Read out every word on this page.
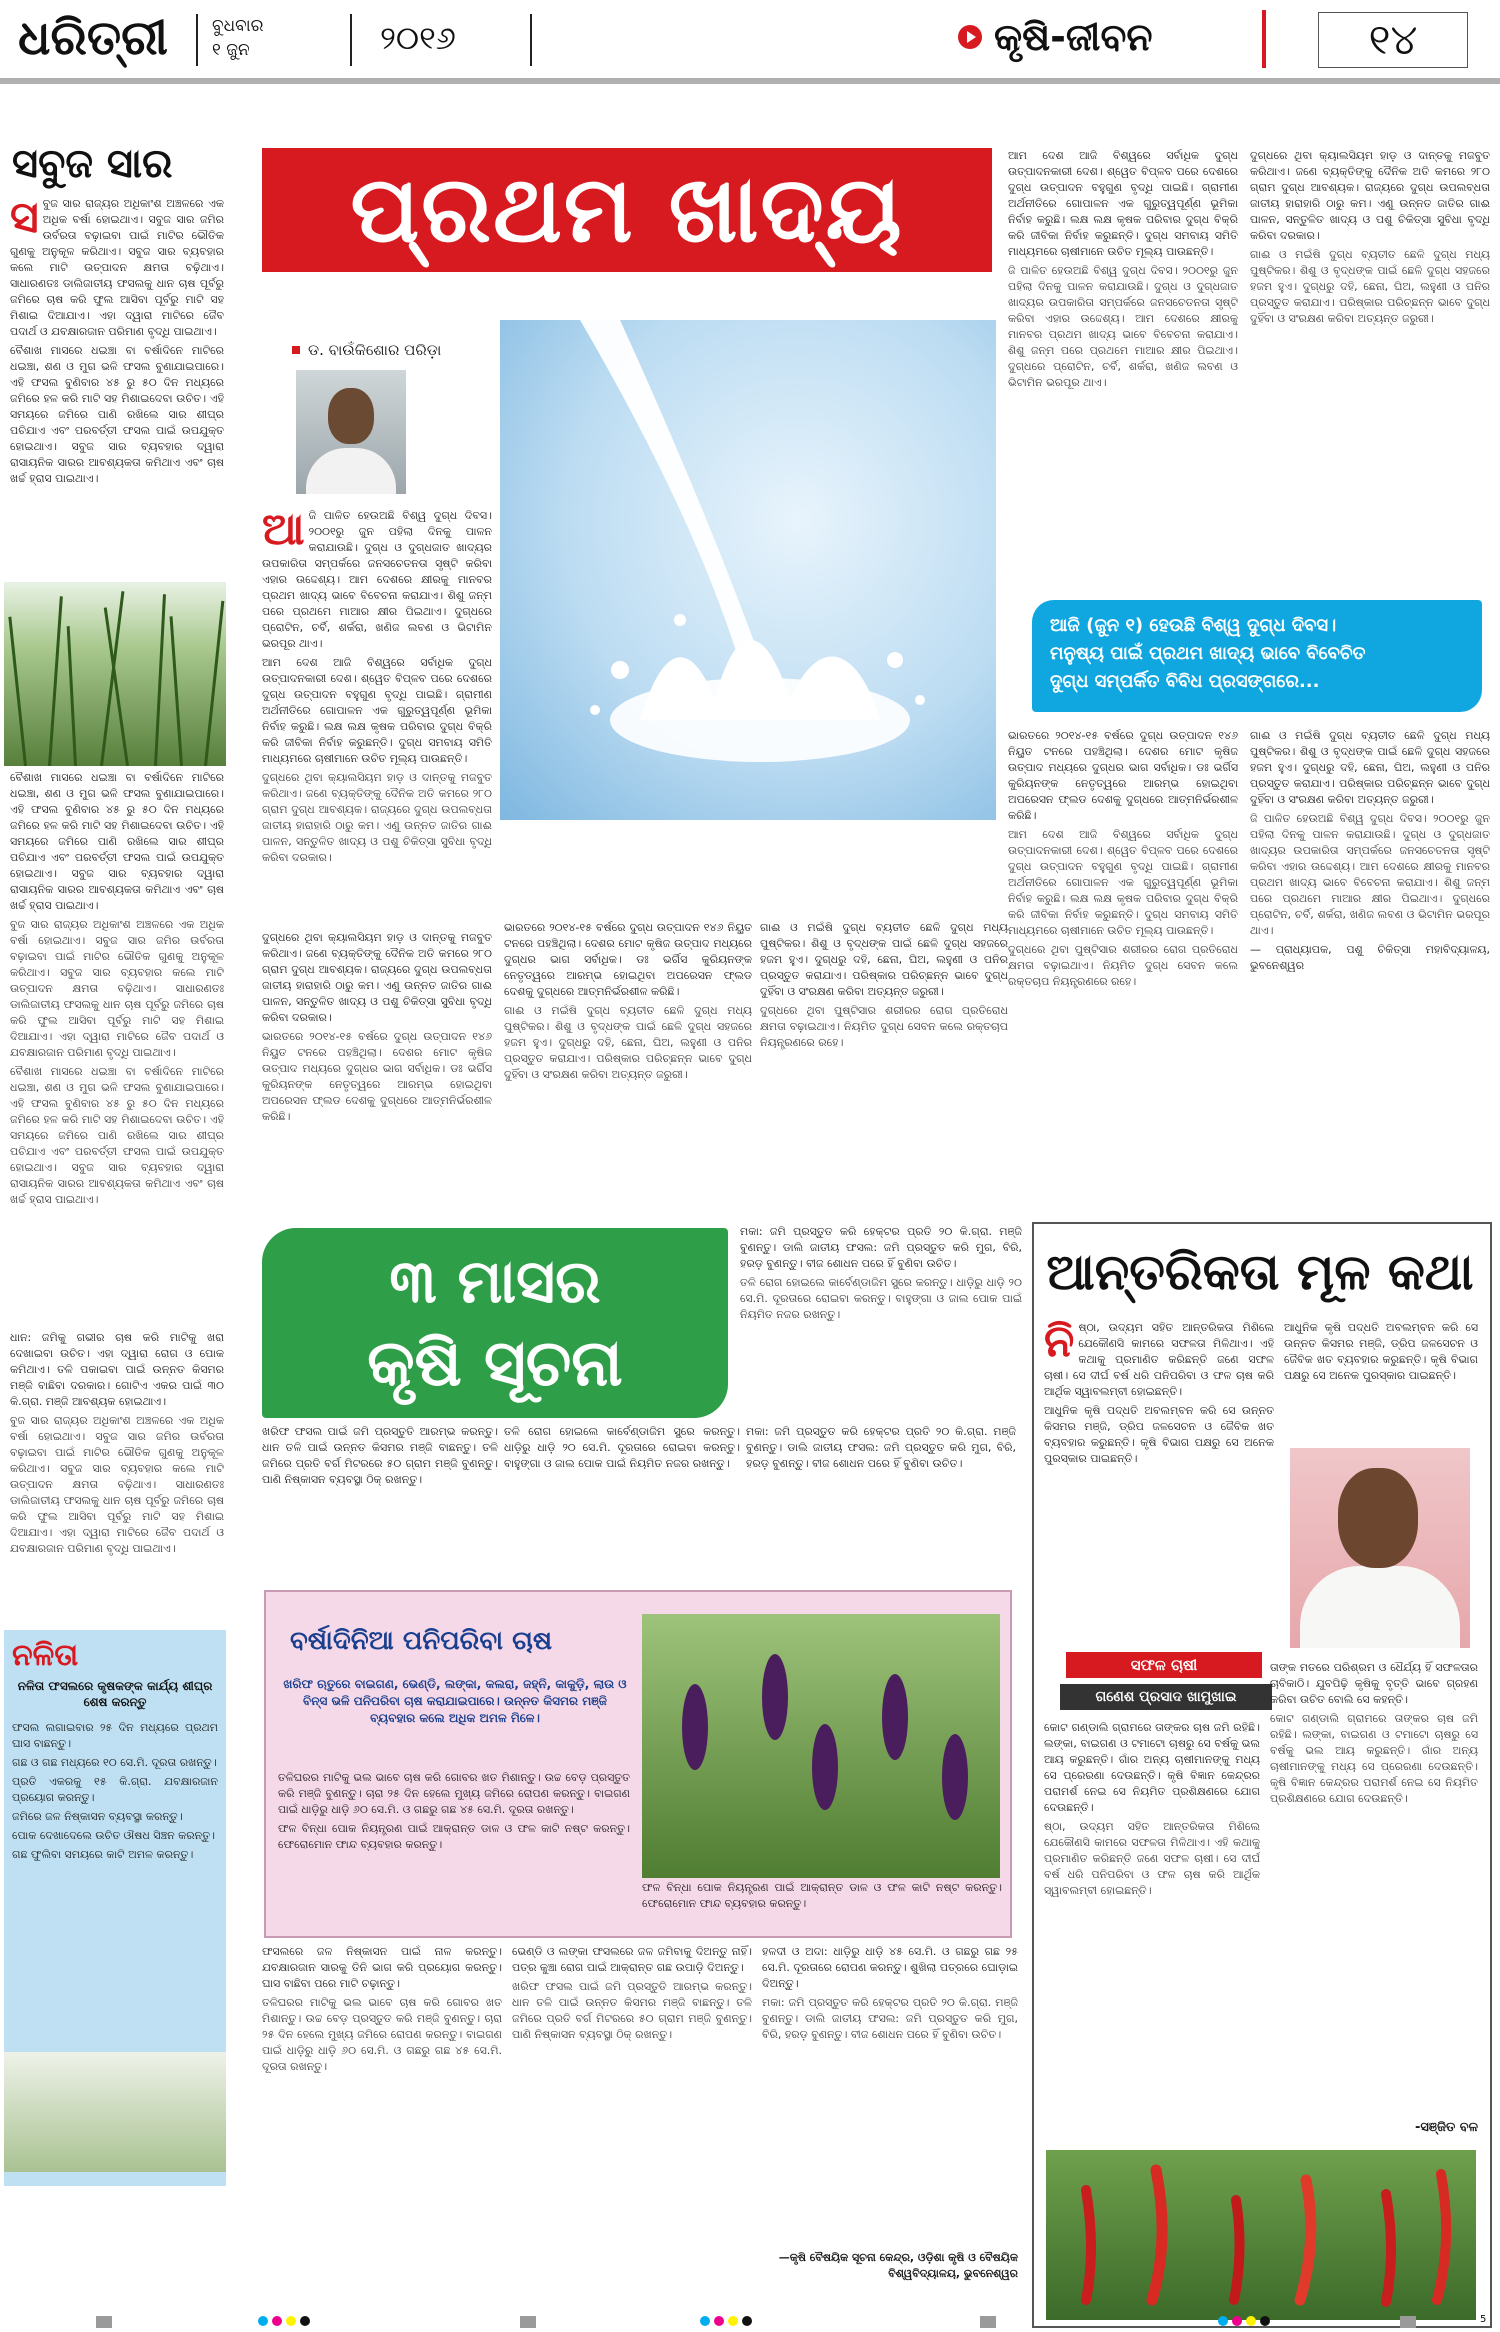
ଧରିତ୍ରୀ	ବୁଧବାର
୧ ଜୁନ	୨୦୧୬	କୃଷି-ଜୀବନ	୧୪
ସବୁଜ ସାର
ସ ବୁଜ ସାର ରାଜ୍ୟର ଅଧିକାଂଶ ଅଞ୍ଚଳରେ ଏକ ଅଧିକ ବର୍ଷା ହୋଇଥାଏ। ସବୁଜ ସାର ଜମିର ଉର୍ବରତା ବଢ଼ାଇବା ପାଇଁ ମାଟିର ଭୌତିକ ଗୁଣକୁ ଅନୁକୂଳ କରିଥାଏ। ସବୁଜ ସାର ବ୍ୟବହାର କଲେ ମାଟି ଉତ୍ପାଦନ କ୍ଷମତା ବଢ଼ିଥାଏ। ସାଧାରଣତଃ ଡାଲିଜାତୀୟ ଫସଲକୁ ଧାନ ଚାଷ ପୂର୍ବରୁ ଜମିରେ ଚାଷ କରି ଫୁଲ ଆସିବା ପୂର୍ବରୁ ମାଟି ସହ ମିଶାଇ ଦିଆଯାଏ। ଏହା ଦ୍ୱାରା ମାଟିରେ ଜୈବ ପଦାର୍ଥ ଓ ଯବକ୍ଷାରଜାନ ପରିମାଣ ବୃଦ୍ଧି ପାଇଥାଏ।

ବୈଶାଖ ମାସରେ ଧଇଞ୍ଚା ବା ବର୍ଷାଦିନେ ମାଟିରେ ଧଇଞ୍ଚା, ଶଣ ଓ ମୁଗ ଭଳି ଫସଲ ବୁଣାଯାଇପାରେ। ଏହି ଫସଲ ବୁଣିବାର ୪୫ ରୁ ୫୦ ଦିନ ମଧ୍ୟରେ ଜମିରେ ହଳ କରି ମାଟି ସହ ମିଶାଇଦେବା ଉଚିତ। ଏହି ସମୟରେ ଜମିରେ ପାଣି ରଖିଲେ ସାର ଶୀଘ୍ର ପଚିଯାଏ ଏବଂ ପରବର୍ତ୍ତୀ ଫସଲ ପାଇଁ ଉପଯୁକ୍ତ ହୋଇଥାଏ। ସବୁଜ ସାର ବ୍ୟବହାର ଦ୍ୱାରା ରାସାୟନିକ ସାରର ଆବଶ୍ୟକତା କମିଥାଏ ଏବଂ ଚାଷ ଖର୍ଚ୍ଚ ହ୍ରାସ ପାଇଥାଏ।

ବୈଶାଖ ମାସରେ ଧଇଞ୍ଚା ବା ବର୍ଷାଦିନେ ମାଟିରେ ଧଇଞ୍ଚା, ଶଣ ଓ ମୁଗ ଭଳି ଫସଲ ବୁଣାଯାଇପାରେ। ଏହି ଫସଲ ବୁଣିବାର ୪୫ ରୁ ୫୦ ଦିନ ମଧ୍ୟରେ ଜମିରେ ହଳ କରି ମାଟି ସହ ମିଶାଇଦେବା ଉଚିତ। ଏହି ସମୟରେ ଜମିରେ ପାଣି ରଖିଲେ ସାର ଶୀଘ୍ର ପଚିଯାଏ ଏବଂ ପରବର୍ତ୍ତୀ ଫସଲ ପାଇଁ ଉପଯୁକ୍ତ ହୋଇଥାଏ। ସବୁଜ ସାର ବ୍ୟବହାର ଦ୍ୱାରା ରାସାୟନିକ ସାରର ଆବଶ୍ୟକତା କମିଥାଏ ଏବଂ ଚାଷ ଖର୍ଚ୍ଚ ହ୍ରାସ ପାଇଥାଏ।

ବୁଜ ସାର ରାଜ୍ୟର ଅଧିକାଂଶ ଅଞ୍ଚଳରେ ଏକ ଅଧିକ ବର୍ଷା ହୋଇଥାଏ। ସବୁଜ ସାର ଜମିର ଉର୍ବରତା ବଢ଼ାଇବା ପାଇଁ ମାଟିର ଭୌତିକ ଗୁଣକୁ ଅନୁକୂଳ କରିଥାଏ। ସବୁଜ ସାର ବ୍ୟବହାର କଲେ ମାଟି ଉତ୍ପାଦନ କ୍ଷମତା ବଢ଼ିଥାଏ। ସାଧାରଣତଃ ଡାଲିଜାତୀୟ ଫସଲକୁ ଧାନ ଚାଷ ପୂର୍ବରୁ ଜମିରେ ଚାଷ କରି ଫୁଲ ଆସିବା ପୂର୍ବରୁ ମାଟି ସହ ମିଶାଇ ଦିଆଯାଏ। ଏହା ଦ୍ୱାରା ମାଟିରେ ଜୈବ ପଦାର୍ଥ ଓ ଯବକ୍ଷାରଜାନ ପରିମାଣ ବୃଦ୍ଧି ପାଇଥାଏ।

ବୈଶାଖ ମାସରେ ଧଇଞ୍ଚା ବା ବର୍ଷାଦିନେ ମାଟିରେ ଧଇଞ୍ଚା, ଶଣ ଓ ମୁଗ ଭଳି ଫସଲ ବୁଣାଯାଇପାରେ। ଏହି ଫସଲ ବୁଣିବାର ୪୫ ରୁ ୫୦ ଦିନ ମଧ୍ୟରେ ଜମିରେ ହଳ କରି ମାଟି ସହ ମିଶାଇଦେବା ଉଚିତ। ଏହି ସମୟରେ ଜମିରେ ପାଣି ରଖିଲେ ସାର ଶୀଘ୍ର ପଚିଯାଏ ଏବଂ ପରବର୍ତ୍ତୀ ଫସଲ ପାଇଁ ଉପଯୁକ୍ତ ହୋଇଥାଏ। ସବୁଜ ସାର ବ୍ୟବହାର ଦ୍ୱାରା ରାସାୟନିକ ସାରର ଆବଶ୍ୟକତା କମିଥାଏ ଏବଂ ଚାଷ ଖର୍ଚ୍ଚ ହ୍ରାସ ପାଇଥାଏ।

ଧାନ: ଜମିକୁ ଗଭୀର ଚାଷ କରି ମାଟିକୁ ଖରା ଦେଖାଇବା ଉଚିତ। ଏହା ଦ୍ୱାରା ରୋଗ ଓ ପୋକ କମିଥାଏ। ତଳି ପକାଇବା ପାଇଁ ଉନ୍ନତ କିସମର ମଞ୍ଜି ବାଛିବା ଦରକାର। ଗୋଟିଏ ଏକର ପାଇଁ ୩୦ କି.ଗ୍ରା. ମଞ୍ଜି ଆବଶ୍ୟକ ହୋଇଥାଏ।

ବୁଜ ସାର ରାଜ୍ୟର ଅଧିକାଂଶ ଅଞ୍ଚଳରେ ଏକ ଅଧିକ ବର୍ଷା ହୋଇଥାଏ। ସବୁଜ ସାର ଜମିର ଉର୍ବରତା ବଢ଼ାଇବା ପାଇଁ ମାଟିର ଭୌତିକ ଗୁଣକୁ ଅନୁକୂଳ କରିଥାଏ। ସବୁଜ ସାର ବ୍ୟବହାର କଲେ ମାଟି ଉତ୍ପାଦନ କ୍ଷମତା ବଢ଼ିଥାଏ। ସାଧାରଣତଃ ଡାଲିଜାତୀୟ ଫସଲକୁ ଧାନ ଚାଷ ପୂର୍ବରୁ ଜମିରେ ଚାଷ କରି ଫୁଲ ଆସିବା ପୂର୍ବରୁ ମାଟି ସହ ମିଶାଇ ଦିଆଯାଏ। ଏହା ଦ୍ୱାରା ମାଟିରେ ଜୈବ ପଦାର୍ଥ ଓ ଯବକ୍ଷାରଜାନ ପରିମାଣ ବୃଦ୍ଧି ପାଇଥାଏ।

ପ୍ରଥମ ଖାଦ୍ୟ
ଡ. ବାଉଁକିଶୋର ପରିଡ଼ା
ଆ ଜି ପାଳିତ ହେଉଅଛି ବିଶ୍ୱ ଦୁଗ୍ଧ ଦିବସ। ୨୦୦୧ରୁ ଜୁନ ପହିଲା ଦିନକୁ ପାଳନ କରାଯାଉଛି। ଦୁଗ୍ଧ ଓ ଦୁଗ୍ଧଜାତ ଖାଦ୍ୟର ଉପକାରିତା ସମ୍ପର୍କରେ ଜନସଚେତନତା ସୃଷ୍ଟି କରିବା ଏହାର ଉଦ୍ଦେଶ୍ୟ। ଆମ ଦେଶରେ କ୍ଷୀରକୁ ମାନବର ପ୍ରଥମ ଖାଦ୍ୟ ଭାବେ ବିବେଚନା କରାଯାଏ। ଶିଶୁ ଜନ୍ମ ପରେ ପ୍ରଥମେ ମାଆର କ୍ଷୀର ପିଇଥାଏ। ଦୁଗ୍ଧରେ ପ୍ରୋଟିନ, ଚର୍ବି, ଶର୍କରା, ଖଣିଜ ଲବଣ ଓ ଭିଟାମିନ ଭରପୂର ଥାଏ।

ଆମ ଦେଶ ଆଜି ବିଶ୍ୱରେ ସର୍ବାଧିକ ଦୁଗ୍ଧ ଉତ୍ପାଦନକାରୀ ଦେଶ। ଶ୍ୱେତ ବିପ୍ଳବ ପରେ ଦେଶରେ ଦୁଗ୍ଧ ଉତ୍ପାଦନ ବହୁଗୁଣ ବୃଦ୍ଧି ପାଇଛି। ଗ୍ରାମୀଣ ଅର୍ଥନୀତିରେ ଗୋପାଳନ ଏକ ଗୁରୁତ୍ୱପୂର୍ଣ୍ଣ ଭୂମିକା ନିର୍ବାହ କରୁଛି। ଲକ୍ଷ ଲକ୍ଷ କୃଷକ ପରିବାର ଦୁଗ୍ଧ ବିକ୍ରି କରି ଜୀବିକା ନିର୍ବାହ କରୁଛନ୍ତି। ଦୁଗ୍ଧ ସମବାୟ ସମିତି ମାଧ୍ୟମରେ ଚାଷୀମାନେ ଉଚିତ ମୂଲ୍ୟ ପାଉଛନ୍ତି।

ଦୁଗ୍ଧରେ ଥିବା କ୍ୟାଲସିୟମ ହାଡ଼ ଓ ଦାନ୍ତକୁ ମଜବୁତ କରିଥାଏ। ଜଣେ ବ୍ୟକ୍ତିଙ୍କୁ ଦୈନିକ ଅତି କମରେ ୨୮୦ ଗ୍ରାମ ଦୁଗ୍ଧ ଆବଶ୍ୟକ। ରାଜ୍ୟରେ ଦୁଗ୍ଧ ଉପଲବ୍ଧତା ଜାତୀୟ ହାରାହାରି ଠାରୁ କମ। ଏଣୁ ଉନ୍ନତ ଜାତିର ଗାଈ ପାଳନ, ସନ୍ତୁଳିତ ଖାଦ୍ୟ ଓ ପଶୁ ଚିକିତ୍ସା ସୁବିଧା ବୃଦ୍ଧି କରିବା ଦରକାର।

ଦୁଗ୍ଧରେ ଥିବା କ୍ୟାଲସିୟମ ହାଡ଼ ଓ ଦାନ୍ତକୁ ମଜବୁତ କରିଥାଏ। ଜଣେ ବ୍ୟକ୍ତିଙ୍କୁ ଦୈନିକ ଅତି କମରେ ୨୮୦ ଗ୍ରାମ ଦୁଗ୍ଧ ଆବଶ୍ୟକ। ରାଜ୍ୟରେ ଦୁଗ୍ଧ ଉପଲବ୍ଧତା ଜାତୀୟ ହାରାହାରି ଠାରୁ କମ। ଏଣୁ ଉନ୍ନତ ଜାତିର ଗାଈ ପାଳନ, ସନ୍ତୁଳିତ ଖାଦ୍ୟ ଓ ପଶୁ ଚିକିତ୍ସା ସୁବିଧା ବୃଦ୍ଧି କରିବା ଦରକାର।

ଭାରତରେ ୨୦୧୪-୧୫ ବର୍ଷରେ ଦୁଗ୍ଧ ଉତ୍ପାଦନ ୧୪୬ ନିୟୁତ ଟନରେ ପହଞ୍ଚିଥିଲା। ଦେଶର ମୋଟ କୃଷିଜ ଉତ୍ପାଦ ମଧ୍ୟରେ ଦୁଗ୍ଧର ଭାଗ ସର୍ବାଧିକ। ଡଃ ଭର୍ଗିସ କୁରିୟନଙ୍କ ନେତୃତ୍ୱରେ ଆରମ୍ଭ ହୋଇଥିବା ଅପରେସନ ଫ୍ଲଡ ଦେଶକୁ ଦୁଗ୍ଧରେ ଆତ୍ମନିର୍ଭରଶୀଳ କରିଛି।

ଭାରତରେ ୨୦୧୪-୧୫ ବର୍ଷରେ ଦୁଗ୍ଧ ଉତ୍ପାଦନ ୧୪୬ ନିୟୁତ ଟନରେ ପହଞ୍ଚିଥିଲା। ଦେଶର ମୋଟ କୃଷିଜ ଉତ୍ପାଦ ମଧ୍ୟରେ ଦୁଗ୍ଧର ଭାଗ ସର୍ବାଧିକ। ଡଃ ଭର୍ଗିସ କୁରିୟନଙ୍କ ନେତୃତ୍ୱରେ ଆରମ୍ଭ ହୋଇଥିବା ଅପରେସନ ଫ୍ଲଡ ଦେଶକୁ ଦୁଗ୍ଧରେ ଆତ୍ମନିର୍ଭରଶୀଳ କରିଛି।

ଗାଈ ଓ ମଇଁଷି ଦୁଗ୍ଧ ବ୍ୟତୀତ ଛେଳି ଦୁଗ୍ଧ ମଧ୍ୟ ପୁଷ୍ଟିକର। ଶିଶୁ ଓ ବୃଦ୍ଧଙ୍କ ପାଇଁ ଛେଳି ଦୁଗ୍ଧ ସହଜରେ ହଜମ ହୁଏ। ଦୁଗ୍ଧରୁ ଦହି, ଛେନା, ଘିଅ, ଲହୁଣୀ ଓ ପନିର ପ୍ରସ୍ତୁତ କରାଯାଏ। ପରିଷ୍କାର ପରିଚ୍ଛନ୍ନ ଭାବେ ଦୁଗ୍ଧ ଦୁହିଁବା ଓ ସଂରକ୍ଷଣ କରିବା ଅତ୍ୟନ୍ତ ଜରୁରୀ।

ଗାଈ ଓ ମଇଁଷି ଦୁଗ୍ଧ ବ୍ୟତୀତ ଛେଳି ଦୁଗ୍ଧ ମଧ୍ୟ ପୁଷ୍ଟିକର। ଶିଶୁ ଓ ବୃଦ୍ଧଙ୍କ ପାଇଁ ଛେଳି ଦୁଗ୍ଧ ସହଜରେ ହଜମ ହୁଏ। ଦୁଗ୍ଧରୁ ଦହି, ଛେନା, ଘିଅ, ଲହୁଣୀ ଓ ପନିର ପ୍ରସ୍ତୁତ କରାଯାଏ। ପରିଷ୍କାର ପରିଚ୍ଛନ୍ନ ଭାବେ ଦୁଗ୍ଧ ଦୁହିଁବା ଓ ସଂରକ୍ଷଣ କରିବା ଅତ୍ୟନ୍ତ ଜରୁରୀ।

ଦୁଗ୍ଧରେ ଥିବା ପୁଷ୍ଟିସାର ଶରୀରର ରୋଗ ପ୍ରତିରୋଧ କ୍ଷମତା ବଢ଼ାଇଥାଏ। ନିୟମିତ ଦୁଗ୍ଧ ସେବନ କଲେ ରକ୍ତଚାପ ନିୟନ୍ତ୍ରଣରେ ରହେ।

ଆମ ଦେଶ ଆଜି ବିଶ୍ୱରେ ସର୍ବାଧିକ ଦୁଗ୍ଧ ଉତ୍ପାଦନକାରୀ ଦେଶ। ଶ୍ୱେତ ବିପ୍ଳବ ପରେ ଦେଶରେ ଦୁଗ୍ଧ ଉତ୍ପାଦନ ବହୁଗୁଣ ବୃଦ୍ଧି ପାଇଛି। ଗ୍ରାମୀଣ ଅର୍ଥନୀତିରେ ଗୋପାଳନ ଏକ ଗୁରୁତ୍ୱପୂର୍ଣ୍ଣ ଭୂମିକା ନିର୍ବାହ କରୁଛି। ଲକ୍ଷ ଲକ୍ଷ କୃଷକ ପରିବାର ଦୁଗ୍ଧ ବିକ୍ରି କରି ଜୀବିକା ନିର୍ବାହ କରୁଛନ୍ତି। ଦୁଗ୍ଧ ସମବାୟ ସମିତି ମାଧ୍ୟମରେ ଚାଷୀମାନେ ଉଚିତ ମୂଲ୍ୟ ପାଉଛନ୍ତି।

ଜି ପାଳିତ ହେଉଅଛି ବିଶ୍ୱ ଦୁଗ୍ଧ ଦିବସ। ୨୦୦୧ରୁ ଜୁନ ପହିଲା ଦିନକୁ ପାଳନ କରାଯାଉଛି। ଦୁଗ୍ଧ ଓ ଦୁଗ୍ଧଜାତ ଖାଦ୍ୟର ଉପକାରିତା ସମ୍ପର୍କରେ ଜନସଚେତନତା ସୃଷ୍ଟି କରିବା ଏହାର ଉଦ୍ଦେଶ୍ୟ। ଆମ ଦେଶରେ କ୍ଷୀରକୁ ମାନବର ପ୍ରଥମ ଖାଦ୍ୟ ଭାବେ ବିବେଚନା କରାଯାଏ। ଶିଶୁ ଜନ୍ମ ପରେ ପ୍ରଥମେ ମାଆର କ୍ଷୀର ପିଇଥାଏ। ଦୁଗ୍ଧରେ ପ୍ରୋଟିନ, ଚର୍ବି, ଶର୍କରା, ଖଣିଜ ଲବଣ ଓ ଭିଟାମିନ ଭରପୂର ଥାଏ।

ଦୁଗ୍ଧରେ ଥିବା କ୍ୟାଲସିୟମ ହାଡ଼ ଓ ଦାନ୍ତକୁ ମଜବୁତ କରିଥାଏ। ଜଣେ ବ୍ୟକ୍ତିଙ୍କୁ ଦୈନିକ ଅତି କମରେ ୨୮୦ ଗ୍ରାମ ଦୁଗ୍ଧ ଆବଶ୍ୟକ। ରାଜ୍ୟରେ ଦୁଗ୍ଧ ଉପଲବ୍ଧତା ଜାତୀୟ ହାରାହାରି ଠାରୁ କମ। ଏଣୁ ଉନ୍ନତ ଜାତିର ଗାଈ ପାଳନ, ସନ୍ତୁଳିତ ଖାଦ୍ୟ ଓ ପଶୁ ଚିକିତ୍ସା ସୁବିଧା ବୃଦ୍ଧି କରିବା ଦରକାର।

ଗାଈ ଓ ମଇଁଷି ଦୁଗ୍ଧ ବ୍ୟତୀତ ଛେଳି ଦୁଗ୍ଧ ମଧ୍ୟ ପୁଷ୍ଟିକର। ଶିଶୁ ଓ ବୃଦ୍ଧଙ୍କ ପାଇଁ ଛେଳି ଦୁଗ୍ଧ ସହଜରେ ହଜମ ହୁଏ। ଦୁଗ୍ଧରୁ ଦହି, ଛେନା, ଘିଅ, ଲହୁଣୀ ଓ ପନିର ପ୍ରସ୍ତୁତ କରାଯାଏ। ପରିଷ୍କାର ପରିଚ୍ଛନ୍ନ ଭାବେ ଦୁଗ୍ଧ ଦୁହିଁବା ଓ ସଂରକ୍ଷଣ କରିବା ଅତ୍ୟନ୍ତ ଜରୁରୀ।

ଆଜି (ଜୁନ ୧) ହେଉଛି ବିଶ୍ୱ ଦୁଗ୍ଧ ଦିବସ।
ମନୁଷ୍ୟ ପାଇଁ ପ୍ରଥମ ଖାଦ୍ୟ ଭାବେ ବିବେଚିତ
ଦୁଗ୍ଧ ସମ୍ପର୍କିତ ବିବିଧ ପ୍ରସଙ୍ଗରେ...

ଭାରତରେ ୨୦୧୪-୧୫ ବର୍ଷରେ ଦୁଗ୍ଧ ଉତ୍ପାଦନ ୧୪୬ ନିୟୁତ ଟନରେ ପହଞ୍ଚିଥିଲା। ଦେଶର ମୋଟ କୃଷିଜ ଉତ୍ପାଦ ମଧ୍ୟରେ ଦୁଗ୍ଧର ଭାଗ ସର୍ବାଧିକ। ଡଃ ଭର୍ଗିସ କୁରିୟନଙ୍କ ନେତୃତ୍ୱରେ ଆରମ୍ଭ ହୋଇଥିବା ଅପରେସନ ଫ୍ଲଡ ଦେଶକୁ ଦୁଗ୍ଧରେ ଆତ୍ମନିର୍ଭରଶୀଳ କରିଛି।

ଆମ ଦେଶ ଆଜି ବିଶ୍ୱରେ ସର୍ବାଧିକ ଦୁଗ୍ଧ ଉତ୍ପାଦନକାରୀ ଦେଶ। ଶ୍ୱେତ ବିପ୍ଳବ ପରେ ଦେଶରେ ଦୁଗ୍ଧ ଉତ୍ପାଦନ ବହୁଗୁଣ ବୃଦ୍ଧି ପାଇଛି। ଗ୍ରାମୀଣ ଅର୍ଥନୀତିରେ ଗୋପାଳନ ଏକ ଗୁରୁତ୍ୱପୂର୍ଣ୍ଣ ଭୂମିକା ନିର୍ବାହ କରୁଛି। ଲକ୍ଷ ଲକ୍ଷ କୃଷକ ପରିବାର ଦୁଗ୍ଧ ବିକ୍ରି କରି ଜୀବିକା ନିର୍ବାହ କରୁଛନ୍ତି। ଦୁଗ୍ଧ ସମବାୟ ସମିତି ମାଧ୍ୟମରେ ଚାଷୀମାନେ ଉଚିତ ମୂଲ୍ୟ ପାଉଛନ୍ତି।

ଦୁଗ୍ଧରେ ଥିବା ପୁଷ୍ଟିସାର ଶରୀରର ରୋଗ ପ୍ରତିରୋଧ କ୍ଷମତା ବଢ଼ାଇଥାଏ। ନିୟମିତ ଦୁଗ୍ଧ ସେବନ କଲେ ରକ୍ତଚାପ ନିୟନ୍ତ୍ରଣରେ ରହେ।

ଗାଈ ଓ ମଇଁଷି ଦୁଗ୍ଧ ବ୍ୟତୀତ ଛେଳି ଦୁଗ୍ଧ ମଧ୍ୟ ପୁଷ୍ଟିକର। ଶିଶୁ ଓ ବୃଦ୍ଧଙ୍କ ପାଇଁ ଛେଳି ଦୁଗ୍ଧ ସହଜରେ ହଜମ ହୁଏ। ଦୁଗ୍ଧରୁ ଦହି, ଛେନା, ଘିଅ, ଲହୁଣୀ ଓ ପନିର ପ୍ରସ୍ତୁତ କରାଯାଏ। ପରିଷ୍କାର ପରିଚ୍ଛନ୍ନ ଭାବେ ଦୁଗ୍ଧ ଦୁହିଁବା ଓ ସଂରକ୍ଷଣ କରିବା ଅତ୍ୟନ୍ତ ଜରୁରୀ।

ଜି ପାଳିତ ହେଉଅଛି ବିଶ୍ୱ ଦୁଗ୍ଧ ଦିବସ। ୨୦୦୧ରୁ ଜୁନ ପହିଲା ଦିନକୁ ପାଳନ କରାଯାଉଛି। ଦୁଗ୍ଧ ଓ ଦୁଗ୍ଧଜାତ ଖାଦ୍ୟର ଉପକାରିତା ସମ୍ପର୍କରେ ଜନସଚେତନତା ସୃଷ୍ଟି କରିବା ଏହାର ଉଦ୍ଦେଶ୍ୟ। ଆମ ଦେଶରେ କ୍ଷୀରକୁ ମାନବର ପ୍ରଥମ ଖାଦ୍ୟ ଭାବେ ବିବେଚନା କରାଯାଏ। ଶିଶୁ ଜନ୍ମ ପରେ ପ୍ରଥମେ ମାଆର କ୍ଷୀର ପିଇଥାଏ। ଦୁଗ୍ଧରେ ପ୍ରୋଟିନ, ଚର୍ବି, ଶର୍କରା, ଖଣିଜ ଲବଣ ଓ ଭିଟାମିନ ଭରପୂର ଥାଏ।

— ପ୍ରାଧ୍ୟାପକ, ପଶୁ ଚିକିତ୍ସା ମହାବିଦ୍ୟାଳୟ, ଭୁବନେଶ୍ୱର

୩ ମାସର
କୃଷି ସୂଚନା

ମକା: ଜମି ପ୍ରସ୍ତୁତ କରି ହେକ୍ଟର ପ୍ରତି ୨୦ କି.ଗ୍ରା. ମଞ୍ଜି ବୁଣନ୍ତୁ। ଡାଲି ଜାତୀୟ ଫସଲ: ଜମି ପ୍ରସ୍ତୁତ କରି ମୁଗ, ବିରି, ହରଡ଼ ବୁଣନ୍ତୁ। ବୀଜ ଶୋଧନ ପରେ ହିଁ ବୁଣିବା ଉଚିତ।

ତଳି ରୋଗ ହୋଇଲେ କାର୍ବେଣ୍ଡାଜିମ ସ୍ପ୍ରେ କରନ୍ତୁ। ଧାଡ଼ିରୁ ଧାଡ଼ି ୨୦ ସେ.ମି. ଦୂରତାରେ ରୋଇବା କରନ୍ତୁ। ବାହୁଙ୍ଗା ଓ ଜାଲ ପୋକ ପାଇଁ ନିୟମିତ ନଜର ରଖନ୍ତୁ।

ଖରିଫ ଫସଲ ପାଇଁ ଜମି ପ୍ରସ୍ତୁତି ଆରମ୍ଭ କରନ୍ତୁ। ଧାନ ତଳି ପାଇଁ ଉନ୍ନତ କିସମର ମଞ୍ଜି ବାଛନ୍ତୁ। ତଳି ଜମିରେ ପ୍ରତି ବର୍ଗ ମିଟରରେ ୫୦ ଗ୍ରାମ ମଞ୍ଜି ବୁଣନ୍ତୁ। ପାଣି ନିଷ୍କାସନ ବ୍ୟବସ୍ଥା ଠିକ୍ ରଖନ୍ତୁ।

ତଳି ରୋଗ ହୋଇଲେ କାର୍ବେଣ୍ଡାଜିମ ସ୍ପ୍ରେ କରନ୍ତୁ। ଧାଡ଼ିରୁ ଧାଡ଼ି ୨୦ ସେ.ମି. ଦୂରତାରେ ରୋଇବା କରନ୍ତୁ। ବାହୁଙ୍ଗା ଓ ଜାଲ ପୋକ ପାଇଁ ନିୟମିତ ନଜର ରଖନ୍ତୁ।

ମକା: ଜମି ପ୍ରସ୍ତୁତ କରି ହେକ୍ଟର ପ୍ରତି ୨୦ କି.ଗ୍ରା. ମଞ୍ଜି ବୁଣନ୍ତୁ। ଡାଲି ଜାତୀୟ ଫସଲ: ଜମି ପ୍ରସ୍ତୁତ କରି ମୁଗ, ବିରି, ହରଡ଼ ବୁଣନ୍ତୁ। ବୀଜ ଶୋଧନ ପରେ ହିଁ ବୁଣିବା ଉଚିତ।

ନଳିତା
ନଳିତା ଫସଲରେ କୃଷକଙ୍କ କାର୍ଯ୍ୟ ଶୀଘ୍ର ଶେଷ କରନ୍ତୁ

ଫସଲ ଲଗାଇବାର ୨୫ ଦିନ ମଧ୍ୟରେ ପ୍ରଥମ ଘାସ ବାଛନ୍ତୁ।

ଗଛ ଓ ଗଛ ମଧ୍ୟରେ ୧୦ ସେ.ମି. ଦୂରତା ରଖନ୍ତୁ।

ପ୍ରତି ଏକରକୁ ୧୫ କି.ଗ୍ରା. ଯବକ୍ଷାରଜାନ ପ୍ରୟୋଗ କରନ୍ତୁ।

ଜମିରେ ଜଳ ନିଷ୍କାସନ ବ୍ୟବସ୍ଥା କରନ୍ତୁ।

ପୋକ ଦେଖାଦେଲେ ଉଚିତ ଔଷଧ ସିଞ୍ଚନ କରନ୍ତୁ।

ଗଛ ଫୁଲିବା ସମୟରେ କାଟି ଅମଳ କରନ୍ତୁ।

ବର୍ଷାଦିନିଆ ପନିପରିବା ଚାଷ
ଖରିଫ ଋତୁରେ ବାଇଗଣ, ଭେଣ୍ଡି, ଲଙ୍କା, କଲରା, ଜହ୍ନି, କାକୁଡ଼ି, ଲାଉ ଓ ବିନ୍ସ ଭଳି ପନିପରିବା ଚାଷ କରାଯାଇପାରେ। ଉନ୍ନତ କିସମର ମଞ୍ଜି ବ୍ୟବହାର କଲେ ଅଧିକ ଅମଳ ମିଳେ।

ତଳିଘରର ମାଟିକୁ ଭଲ ଭାବେ ଚାଷ କରି ଗୋବର ଖତ ମିଶାନ୍ତୁ। ଉଚ୍ଚ ବେଡ଼ ପ୍ରସ୍ତୁତ କରି ମଞ୍ଜି ବୁଣନ୍ତୁ। ଚାରା ୨୫ ଦିନ ହେଲେ ମୁଖ୍ୟ ଜମିରେ ରୋପଣ କରନ୍ତୁ। ବାଇଗଣ ପାଇଁ ଧାଡ଼ିରୁ ଧାଡ଼ି ୬୦ ସେ.ମି. ଓ ଗଛରୁ ଗଛ ୪୫ ସେ.ମି. ଦୂରତା ରଖନ୍ତୁ।

ଫଳ ବିନ୍ଧା ପୋକ ନିୟନ୍ତ୍ରଣ ପାଇଁ ଆକ୍ରାନ୍ତ ଡାଳ ଓ ଫଳ କାଟି ନଷ୍ଟ କରନ୍ତୁ। ଫେରୋମୋନ ଫାନ୍ଦ ବ୍ୟବହାର କରନ୍ତୁ।

ଫଳ ବିନ୍ଧା ପୋକ ନିୟନ୍ତ୍ରଣ ପାଇଁ ଆକ୍ରାନ୍ତ ଡାଳ ଓ ଫଳ କାଟି ନଷ୍ଟ କରନ୍ତୁ। ଫେରୋମୋନ ଫାନ୍ଦ ବ୍ୟବହାର କରନ୍ତୁ।

ଫସଲରେ ଜଳ ନିଷ୍କାସନ ପାଇଁ ନାଳ କରନ୍ତୁ। ଯବକ୍ଷାରଜାନ ସାରକୁ ତିନି ଭାଗ କରି ପ୍ରୟୋଗ କରନ୍ତୁ। ଘାସ ବାଛିବା ପରେ ମାଟି ଚଢ଼ାନ୍ତୁ।

ତଳିଘରର ମାଟିକୁ ଭଲ ଭାବେ ଚାଷ କରି ଗୋବର ଖତ ମିଶାନ୍ତୁ। ଉଚ୍ଚ ବେଡ଼ ପ୍ରସ୍ତୁତ କରି ମଞ୍ଜି ବୁଣନ୍ତୁ। ଚାରା ୨୫ ଦିନ ହେଲେ ମୁଖ୍ୟ ଜମିରେ ରୋପଣ କରନ୍ତୁ। ବାଇଗଣ ପାଇଁ ଧାଡ଼ିରୁ ଧାଡ଼ି ୬୦ ସେ.ମି. ଓ ଗଛରୁ ଗଛ ୪୫ ସେ.ମି. ଦୂରତା ରଖନ୍ତୁ।

ଭେଣ୍ଡି ଓ ଲଙ୍କା ଫସଲରେ ଜଳ ଜମିବାକୁ ଦିଅନ୍ତୁ ନାହିଁ। ପତ୍ର କୁଞ୍ଚା ରୋଗ ପାଇଁ ଆକ୍ରାନ୍ତ ଗଛ ଉପାଡ଼ି ଦିଅନ୍ତୁ।

ଖରିଫ ଫସଲ ପାଇଁ ଜମି ପ୍ରସ୍ତୁତି ଆରମ୍ଭ କରନ୍ତୁ। ଧାନ ତଳି ପାଇଁ ଉନ୍ନତ କିସମର ମଞ୍ଜି ବାଛନ୍ତୁ। ତଳି ଜମିରେ ପ୍ରତି ବର୍ଗ ମିଟରରେ ୫୦ ଗ୍ରାମ ମଞ୍ଜି ବୁଣନ୍ତୁ। ପାଣି ନିଷ୍କାସନ ବ୍ୟବସ୍ଥା ଠିକ୍ ରଖନ୍ତୁ।

ହଳଦୀ ଓ ଅଦା: ଧାଡ଼ିରୁ ଧାଡ଼ି ୪୫ ସେ.ମି. ଓ ଗଛରୁ ଗଛ ୨୫ ସେ.ମି. ଦୂରତାରେ ରୋପଣ କରନ୍ତୁ। ଶୁଖିଲା ପତ୍ରରେ ଘୋଡ଼ାଇ ଦିଅନ୍ତୁ।

ମକା: ଜମି ପ୍ରସ୍ତୁତ କରି ହେକ୍ଟର ପ୍ରତି ୨୦ କି.ଗ୍ରା. ମଞ୍ଜି ବୁଣନ୍ତୁ। ଡାଲି ଜାତୀୟ ଫସଲ: ଜମି ପ୍ରସ୍ତୁତ କରି ମୁଗ, ବିରି, ହରଡ଼ ବୁଣନ୍ତୁ। ବୀଜ ଶୋଧନ ପରେ ହିଁ ବୁଣିବା ଉଚିତ।

—କୃଷି ବୈଷୟିକ ସୂଚନା କେନ୍ଦ୍ର, ଓଡ଼ିଶା କୃଷି ଓ ବୈଷୟିକ ବିଶ୍ୱବିଦ୍ୟାଳୟ, ଭୁବନେଶ୍ୱର
ଆନ୍ତରିକତା ମୂଳ କଥା
ନି ଷ୍ଠା, ଉଦ୍ୟମ ସହିତ ଆନ୍ତରିକତା ମିଶିଲେ ଯେକୌଣସି କାମରେ ସଫଳତା ମିଳିଥାଏ। ଏହି କଥାକୁ ପ୍ରମାଣିତ କରିଛନ୍ତି ଜଣେ ସଫଳ ଚାଷୀ। ସେ ଦୀର୍ଘ ବର୍ଷ ଧରି ପନିପରିବା ଓ ଫଳ ଚାଷ କରି ଆର୍ଥିକ ସ୍ୱାବଲମ୍ବୀ ହୋଇଛନ୍ତି।

ଆଧୁନିକ କୃଷି ପଦ୍ଧତି ଅବଲମ୍ବନ କରି ସେ ଉନ୍ନତ କିସମର ମଞ୍ଜି, ଡ୍ରିପ ଜଳସେଚନ ଓ ଜୈବିକ ଖତ ବ୍ୟବହାର କରୁଛନ୍ତି। କୃଷି ବିଭାଗ ପକ୍ଷରୁ ସେ ଅନେକ ପୁରସ୍କାର ପାଇଛନ୍ତି।

ଆଧୁନିକ କୃଷି ପଦ୍ଧତି ଅବଲମ୍ବନ କରି ସେ ଉନ୍ନତ କିସମର ମଞ୍ଜି, ଡ୍ରିପ ଜଳସେଚନ ଓ ଜୈବିକ ଖତ ବ୍ୟବହାର କରୁଛନ୍ତି। କୃଷି ବିଭାଗ ପକ୍ଷରୁ ସେ ଅନେକ ପୁରସ୍କାର ପାଇଛନ୍ତି।

ସଫଳ ଚାଷୀ
ଗଣେଶ ପ୍ରସାଦ ଖାମୁଖାଇ

କୋଟ ଗଣ୍ଡାଲି ଗ୍ରାମରେ ତାଙ୍କର ଚାଷ ଜମି ରହିଛି। ଲଙ୍କା, ବାଇଗଣ ଓ ଟମାଟୋ ଚାଷରୁ ସେ ବର୍ଷକୁ ଭଲ ଆୟ କରୁଛନ୍ତି। ଗାଁର ଅନ୍ୟ ଚାଷୀମାନଙ୍କୁ ମଧ୍ୟ ସେ ପ୍ରେରଣା ଦେଉଛନ୍ତି। କୃଷି ବିଜ୍ଞାନ କେନ୍ଦ୍ରର ପରାମର୍ଶ ନେଇ ସେ ନିୟମିତ ପ୍ରଶିକ୍ଷଣରେ ଯୋଗ ଦେଉଛନ୍ତି।

ଷ୍ଠା, ଉଦ୍ୟମ ସହିତ ଆନ୍ତରିକତା ମିଶିଲେ ଯେକୌଣସି କାମରେ ସଫଳତା ମିଳିଥାଏ। ଏହି କଥାକୁ ପ୍ରମାଣିତ କରିଛନ୍ତି ଜଣେ ସଫଳ ଚାଷୀ। ସେ ଦୀର୍ଘ ବର୍ଷ ଧରି ପନିପରିବା ଓ ଫଳ ଚାଷ କରି ଆର୍ଥିକ ସ୍ୱାବଲମ୍ବୀ ହୋଇଛନ୍ତି।

ତାଙ୍କ ମତରେ ପରିଶ୍ରମ ଓ ଧୈର୍ଯ୍ୟ ହିଁ ସଫଳତାର ଚାବିକାଠି। ଯୁବପିଢ଼ି କୃଷିକୁ ବୃତ୍ତି ଭାବେ ଗ୍ରହଣ କରିବା ଉଚିତ ବୋଲି ସେ କହନ୍ତି।

କୋଟ ଗଣ୍ଡାଲି ଗ୍ରାମରେ ତାଙ୍କର ଚାଷ ଜମି ରହିଛି। ଲଙ୍କା, ବାଇଗଣ ଓ ଟମାଟୋ ଚାଷରୁ ସେ ବର୍ଷକୁ ଭଲ ଆୟ କରୁଛନ୍ତି। ଗାଁର ଅନ୍ୟ ଚାଷୀମାନଙ୍କୁ ମଧ୍ୟ ସେ ପ୍ରେରଣା ଦେଉଛନ୍ତି। କୃଷି ବିଜ୍ଞାନ କେନ୍ଦ୍ରର ପରାମର୍ଶ ନେଇ ସେ ନିୟମିତ ପ୍ରଶିକ୍ଷଣରେ ଯୋଗ ଦେଉଛନ୍ତି।

-ସଞ୍ଜିତ ବଳ
5
